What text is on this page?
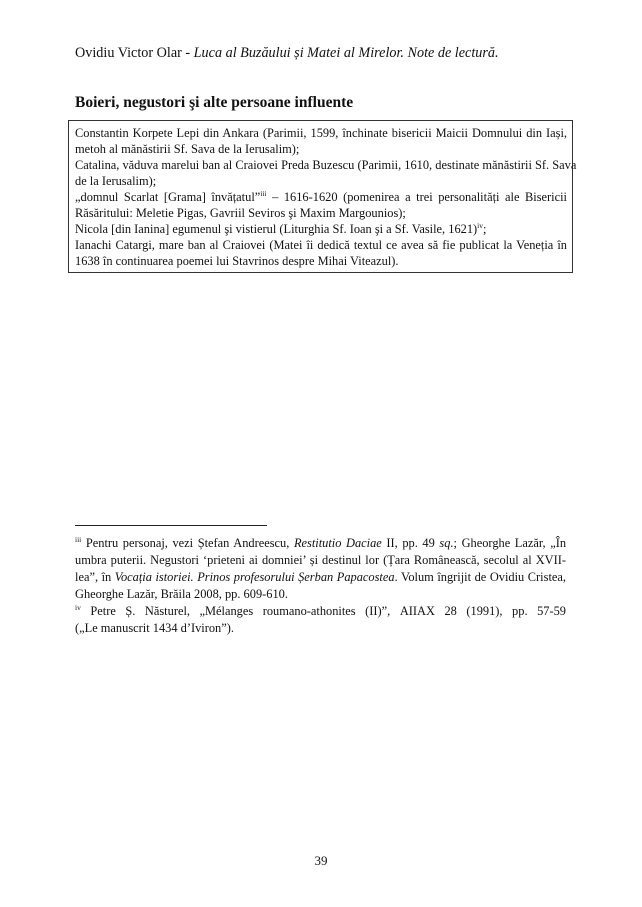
Ovidiu Victor Olar - Luca al Buzăului și Matei al Mirelor. Note de lectură.
Boieri, negustori şi alte persoane influente
Constantin Korpete Lepi din Ankara (Parimii, 1599, închinate bisericii Maicii Domnului din Iași,
metoh al mănăstirii Sf. Sava de la Ierusalim);
Catalina, văduva marelui ban al Craiovei Preda Buzescu (Parimii, 1610, destinate mănăstirii Sf. Sava
de la Ierusalim);
„domnul Scarlat [Grama] învățatul”$^{iii}$ – 1616-1620 (pomenirea a trei personalități ale Bisericii
Răsăritului: Meletie Pigas, Gavriil Seviros şi Maxim Margounios);
Nicola [din Ianina] egumenul şi vistierul (Liturghia Sf. Ioan şi a Sf. Vasile, 1621)$^{iv}$;
Ianachi Catargi, mare ban al Craiovei (Matei îi dedică textul ce avea să fie publicat la Veneția în
1638 în continuarea poemei lui Stavrinos despre Mihai Viteazul).
$^{iii}$ Pentru personaj, vezi Ștefan Andreescu, Restitutio Daciae II, pp. 49 sq.; Gheorghe Lazăr, „În
umbra puterii. Negustori ‘prieteni ai domniei’ și destinul lor (Țara Românească, secolul al XVII-
lea”, în Vocația istoriei. Prinos profesorului Șerban Papacostea. Volum îngrijit de Ovidiu Cristea,
Gheorghe Lazăr, Brăila 2008, pp. 609-610.
$^{iv}$ Petre Ș. Năsturel, „Mélanges roumano-athonites (II)”, AIIAX 28 (1991), pp. 57-59
(„Le manuscrit 1434 d’Iviron”).
39
